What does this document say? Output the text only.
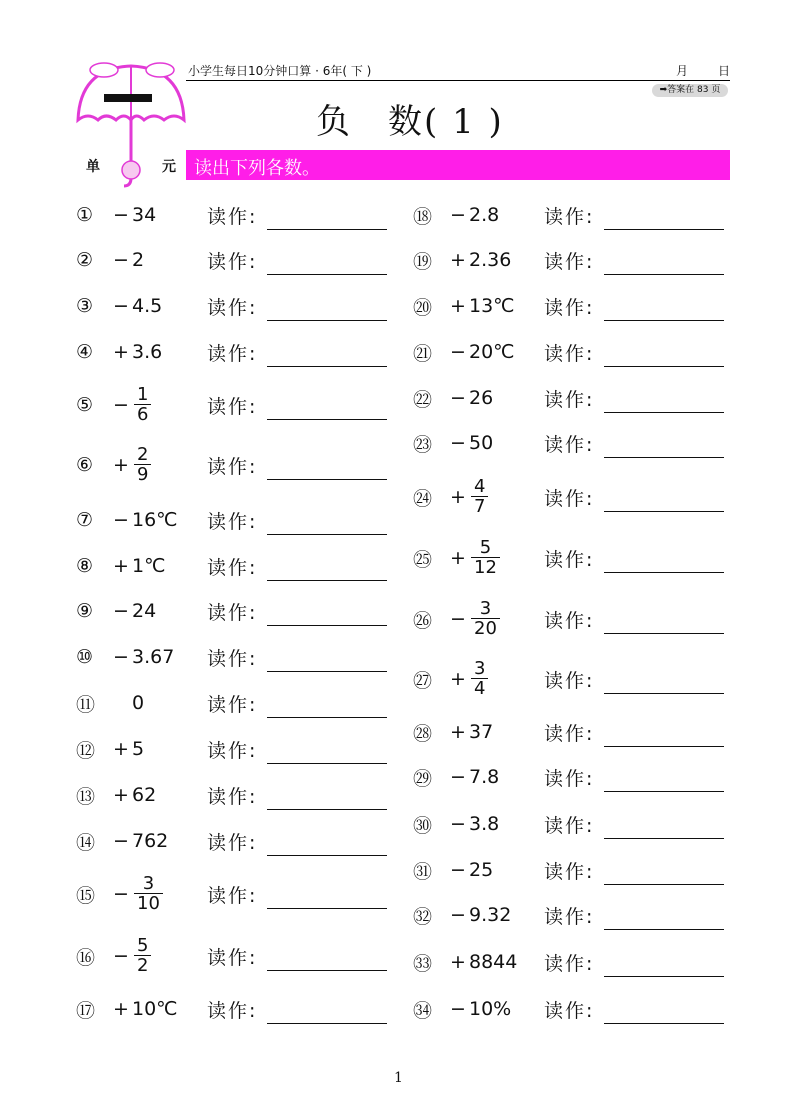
小学生每日10分钟口算 · 6年( 下 )	月 日
➡答案在 83 页
负　数( 1 )
单	元 读出下列各数。
①	− 34	读作:
②	− 2	读作:
③	− 4.5 读作:
④	+ 3.6 读作:
⑤	− $\frac{1}{6}$	读作:
⑥	+ $\frac{2}{9}$	读作:
⑦	− 16℃ 读作:
⑧	+ 1℃ 读作:
⑨	− 24	读作:
⑩	− 3.67 读作:
⑪	0	读作:
⑫ + 5	读作:
⑬ + 62	读作:
⑭ − 762 读作:
⑮ − $\frac{3}{10}$ 读作:
⑯ − $\frac{5}{2}$	读作:
⑰ + 10℃ 读作:
⑱ − 2.8 读作:
⑲ + 2.36 读作:
⑳ + 13℃ 读作:
㉑ − 20℃ 读作:
㉒ − 26	读作:
㉓ − 50	读作:
㉔ + $\frac{4}{7}$	读作:
㉕ + $\frac{5}{12}$ 读作:
㉖ − $\frac{3}{20}$ 读作:
㉗ + $\frac{3}{4}$	读作:
㉘ + 37	读作:
㉙ − 7.8 读作:
㉚ − 3.8 读作:
㉛ − 25	读作:
㉜ − 9.32 读作:
㉝ + 8844 读作:
㉞ − 10% 读作:
1
